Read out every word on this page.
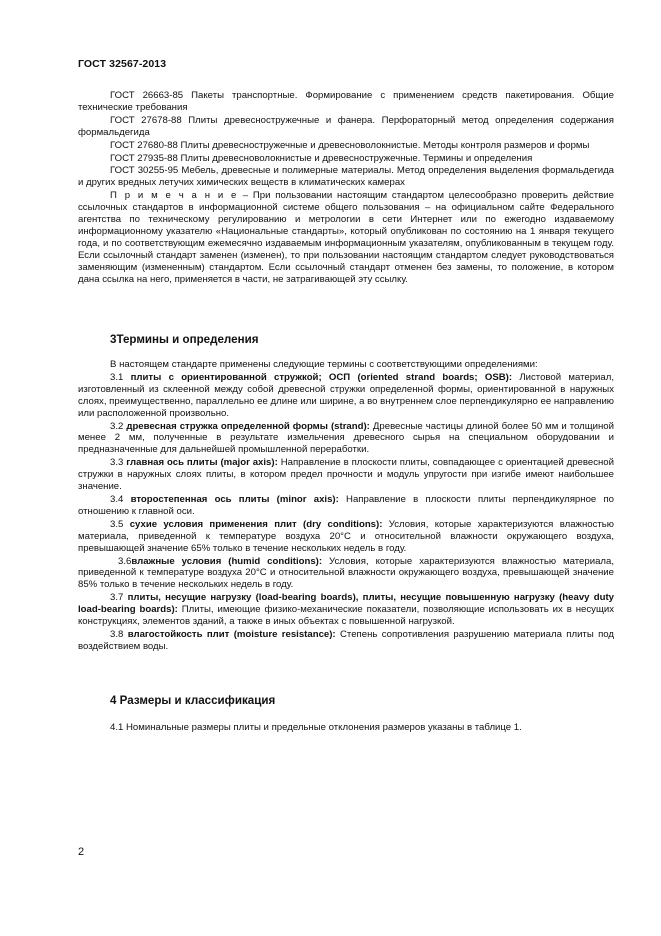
ГОСТ 32567-2013

ГОСТ 26663-85 Пакеты транспортные. Формирование с применением средств пакетирования. Общие технические требования

ГОСТ 27678-88 Плиты древесностружечные и фанера. Перфораторный метод определения содержания формальдегида

ГОСТ 27680-88 Плиты древесностружечные и древесноволокнистые. Методы контроля размеров и формы

ГОСТ 27935-88 Плиты древесноволокнистые и древесностружечные. Термины и определения

ГОСТ 30255-95 Мебель, древесные и полимерные материалы. Метод определения выделения формальдегида и других вредных летучих химических веществ в климатических камерах

П р и м е ч а н и е – При пользовании настоящим стандартом целесообразно проверить действие ссылочных стандартов в информационной системе общего пользования – на официальном сайте Федерального агентства по техническому регулированию и метрологии в сети Интернет или по ежегодно издаваемому информационному указателю «Национальные стандарты», который опубликован по состоянию на 1 января текущего года, и по соответствующим ежемесячно издаваемым информационным указателям, опубликованным в текущем году. Если ссылочный стандарт заменен (изменен), то при пользовании настоящим стандартом следует руководствоваться заменяющим (измененным) стандартом. Если ссылочный стандарт отменен без замены, то положение, в котором дана ссылка на него, применяется в части, не затрагивающей эту ссылку.

3Термины и определения

В настоящем стандарте применены следующие термины с соответствующими определениями:

3.1 плиты с ориентированной стружкой; ОСП (oriented strand boards; OSB): Листовой материал, изготовленный из склеенной между собой древесной стружки определенной формы, ориентированной в наружных слоях, преимущественно, параллельно ее длине или ширине, а во внутреннем слое перпендикулярно ее направлению или расположенной произвольно.

3.2 древесная стружка определенной формы (strand): Древесные частицы длиной более 50 мм и толщиной менее 2 мм, полученные в результате измельчения древесного сырья на специальном оборудовании и предназначенные для дальнейшей промышленной переработки.

3.3 главная ось плиты (major axis): Направление в плоскости плиты, совпадающее с ориентацией древесной стружки в наружных слоях плиты, в котором предел прочности и модуль упругости при изгибе имеют наибольшее значение.

3.4 второстепенная ось плиты (minor axis): Направление в плоскости плиты перпендикулярное по отношению к главной оси.

3.5 сухие условия применения плит (dry conditions): Условия, которые характеризуются влажностью материала, приведенной к температуре воздуха 20°С и относительной влажности окружающего воздуха, превышающей значение 65% только в течение нескольких недель в году.

3.6влажные условия (humid conditions): Условия, которые характеризуются влажностью материала, приведенной к температуре воздуха 20°С и относительной влажности окружающего воздуха, превышающей значение 85% только в течение нескольких недель в году.

3.7 плиты, несущие нагрузку (load-bearing boards), плиты, несущие повышенную нагрузку (heavy duty load-bearing boards): Плиты, имеющие физико-механические показатели, позволяющие использовать их в несущих конструкциях, элементов зданий, а также в иных объектах с повышенной нагрузкой.

3.8 влагостойкость плит (moisture resistance): Степень сопротивления разрушению материала плиты под воздействием воды.

4 Размеры и классификация

4.1 Номинальные размеры плиты и предельные отклонения размеров указаны в таблице 1.

2
